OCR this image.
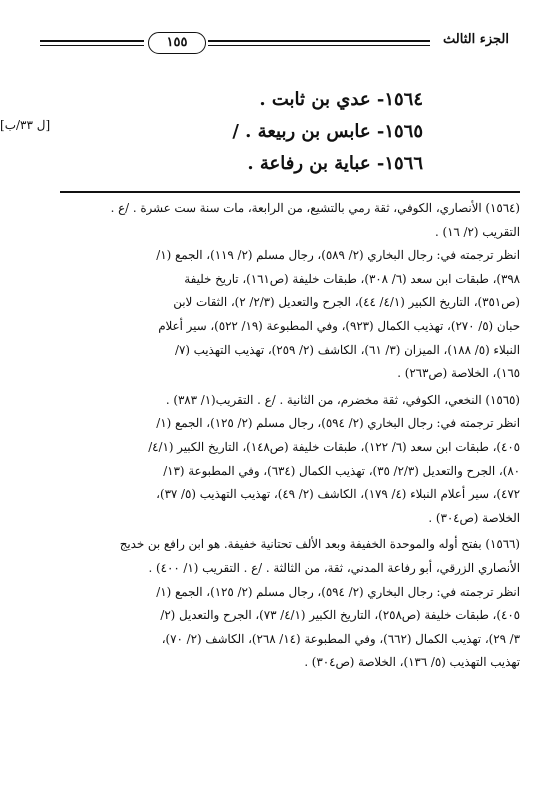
١٥٥	الجزء الثالث
١٥٦٤- عدي بن ثابت .
١٥٦٥- عابس بن ربيعة . /
١٥٦٦- عباية بن رفاعة .
[ل ٣٣/ب]
(١٥٦٤) الأنصاري، الكوفي، ثقة رمي بالتشيع، من الرابعة، مات سنة ست عشرة . /ع .
التقريب (٢/ ١٦) .
انظر ترجمته في: رجال البخاري (٢/ ٥٨٩)، رجال مسلم (٢/ ١١٩)، الجمع (١/
٣٩٨)، طبقات ابن سعد (٦/ ٣٠٨)، طبقات خليفة (ص١٦١)، تاريخ خليفة
(ص٣٥١)، التاريخ الكبير (٤/١/ ٤٤)، الجرح والتعديل (٢/٣/ ٢)، الثقات لابن
حبان (٥/ ٢٧٠)، تهذيب الكمال (٩٢٣)، وفي المطبوعة (١٩/ ٥٢٢)، سير أعلام
النبلاء (٥/ ١٨٨)، الميزان (٣/ ٦١)، الكاشف (٢/ ٢٥٩)، تهذيب التهذيب (٧/
١٦٥)، الخلاصة (ص٢٦٣) .
(١٥٦٥) النخعي، الكوفي، ثقة مخضرم، من الثانية . /ع . التقريب(١/ ٣٨٣) .
انظر ترجمته في: رجال البخاري (٢/ ٥٩٤)، رجال مسلم (٢/ ١٢٥)، الجمع (١/
٤٠٥)، طبقات ابن سعد (٦/ ١٢٢)، طبقات خليفة (ص١٤٨)، التاريخ الكبير (٤/١/
٨٠)، الجرح والتعديل (٢/٣/ ٣٥)، تهذيب الكمال (٦٣٤)، وفي المطبوعة (١٣/
٤٧٢)، سير أعلام النبلاء (٤/ ١٧٩)، الكاشف (٢/ ٤٩)، تهذيب التهذيب (٥/ ٣٧)،
الخلاصة (ص٣٠٤) .
(١٥٦٦) بفتح أوله والموحدة الخفيفة وبعد الألف تحتانية خفيفة. هو ابن رافع بن خديج
الأنصاري الزرقي، أبو رفاعة المدني، ثقة، من الثالثة . /ع . التقريب (١/ ٤٠٠) .
انظر ترجمته في: رجال البخاري (٢/ ٥٩٤)، رجال مسلم (٢/ ١٢٥)، الجمع (١/
٤٠٥)، طبقات خليفة (ص٢٥٨)، التاريخ الكبير (٤/١/ ٧٣)، الجرح والتعديل (٢/
٣/ ٢٩)، تهذيب الكمال (٦٦٢)، وفي المطبوعة (١٤/ ٢٦٨)، الكاشف (٢/ ٧٠)،
تهذيب التهذيب (٥/ ١٣٦)، الخلاصة (ص٣٠٤) .
